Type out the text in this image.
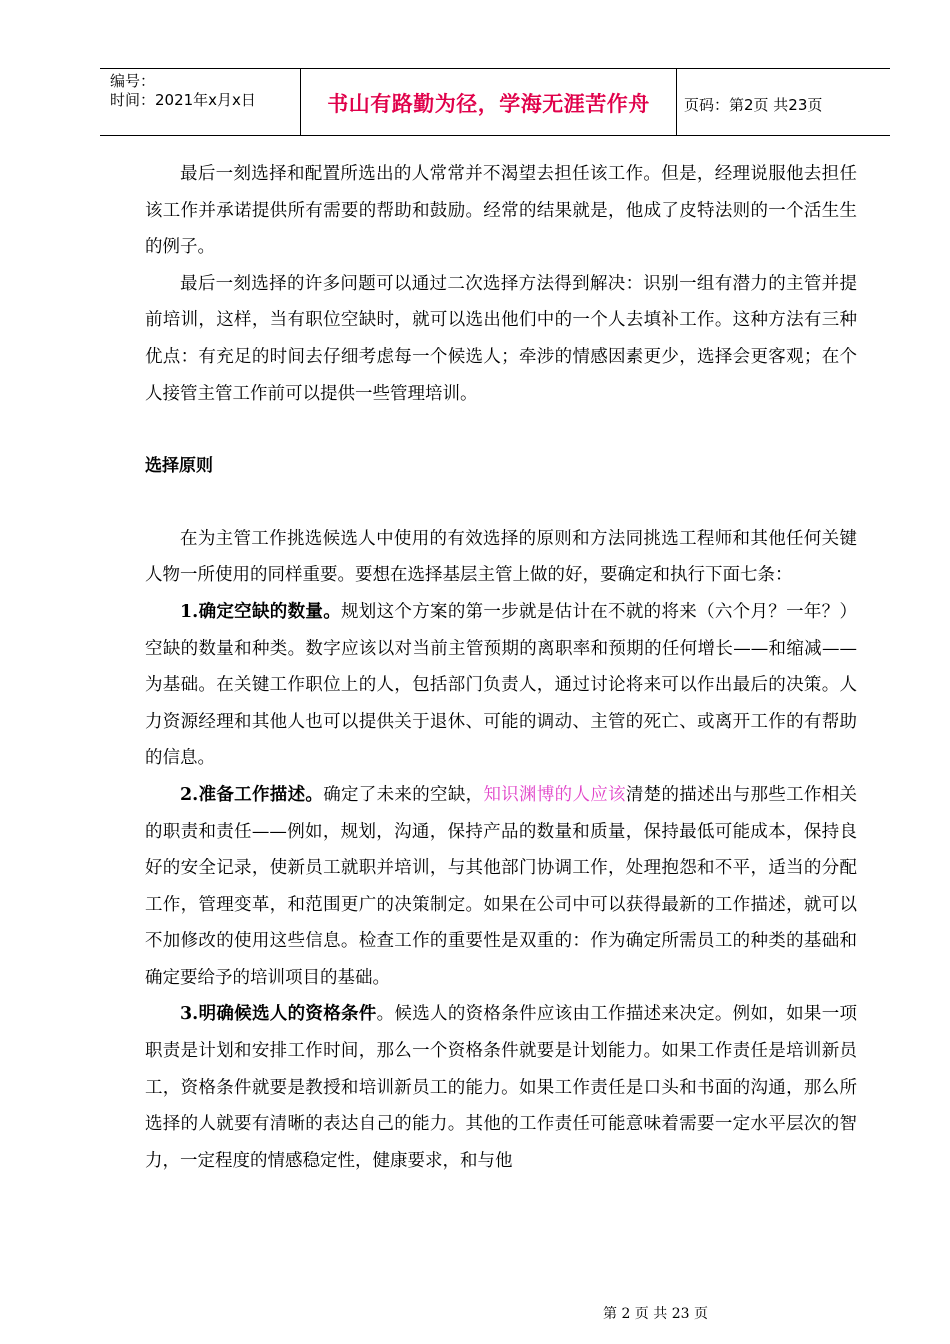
编号：
时间：2021年x月x日	书山有路勤为径，学海无涯苦作舟	页码：第2页 共23页

最后一刻选择和配置所选出的人常常并不渴望去担任该工作。但是，经理说服他去担任该工作并承诺提供所有需要的帮助和鼓励。经常的结果就是，他成了皮特法则的一个活生生的例子。

最后一刻选择的许多问题可以通过二次选择方法得到解决：识别一组有潜力的主管并提前培训，这样，当有职位空缺时，就可以选出他们中的一个人去填补工作。这种方法有三种优点：有充足的时间去仔细考虑每一个候选人；牵涉的情感因素更少，选择会更客观；在个人接管主管工作前可以提供一些管理培训。

选择原则

在为主管工作挑选候选人中使用的有效选择的原则和方法同挑选工程师和其他任何关键人物一所使用的同样重要。要想在选择基层主管上做的好，要确定和执行下面七条：

1.确定空缺的数量。规划这个方案的第一步就是估计在不就的将来（六个月？一年？）空缺的数量和种类。数字应该以对当前主管预期的离职率和预期的任何增长——和缩减——为基础。在关键工作职位上的人，包括部门负责人，通过讨论将来可以作出最后的决策。人力资源经理和其他人也可以提供关于退休、可能的调动、主管的死亡、或离开工作的有帮助的信息。

2.准备工作描述。确定了未来的空缺，知识渊博的人应该清楚的描述出与那些工作相关的职责和责任——例如，规划，沟通，保持产品的数量和质量，保持最低可能成本，保持良好的安全记录，使新员工就职并培训，与其他部门协调工作，处理抱怨和不平，适当的分配工作，管理变革，和范围更广的决策制定。如果在公司中可以获得最新的工作描述，就可以不加修改的使用这些信息。检查工作的重要性是双重的：作为确定所需员工的种类的基础和确定要给予的培训项目的基础。

3.明确候选人的资格条件。候选人的资格条件应该由工作描述来决定。例如，如果一项职责是计划和安排工作时间，那么一个资格条件就要是计划能力。如果工作责任是培训新员工，资格条件就要是教授和培训新员工的能力。如果工作责任是口头和书面的沟通，那么所选择的人就要有清晰的表达自己的能力。其他的工作责任可能意味着需要一定水平层次的智力，一定程度的情感稳定性，健康要求，和与他

第 2 页 共 23 页
